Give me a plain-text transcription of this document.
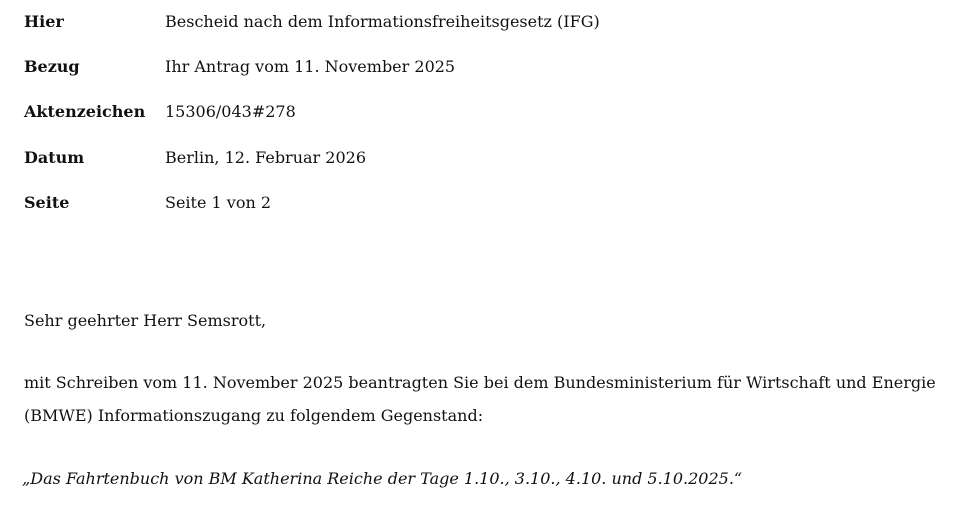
Hier	Bescheid nach dem Informationsfreiheitsgesetz (IFG)
Bezug	Ihr Antrag vom 11. November 2025
Aktenzeichen 15306/043#278
Datum	Berlin, 12. Februar 2026
Seite	Seite 1 von 2
Sehr geehrter Herr Semsrott,
mit Schreiben vom 11. November 2025 beantragten Sie bei dem Bundesministerium für Wirtschaft und Energie (BMWE) Informationszugang zu folgendem Gegenstand:
„Das Fahrtenbuch von BM Katherina Reiche der Tage 1.10., 3.10., 4.10. und 5.10.2025.“
